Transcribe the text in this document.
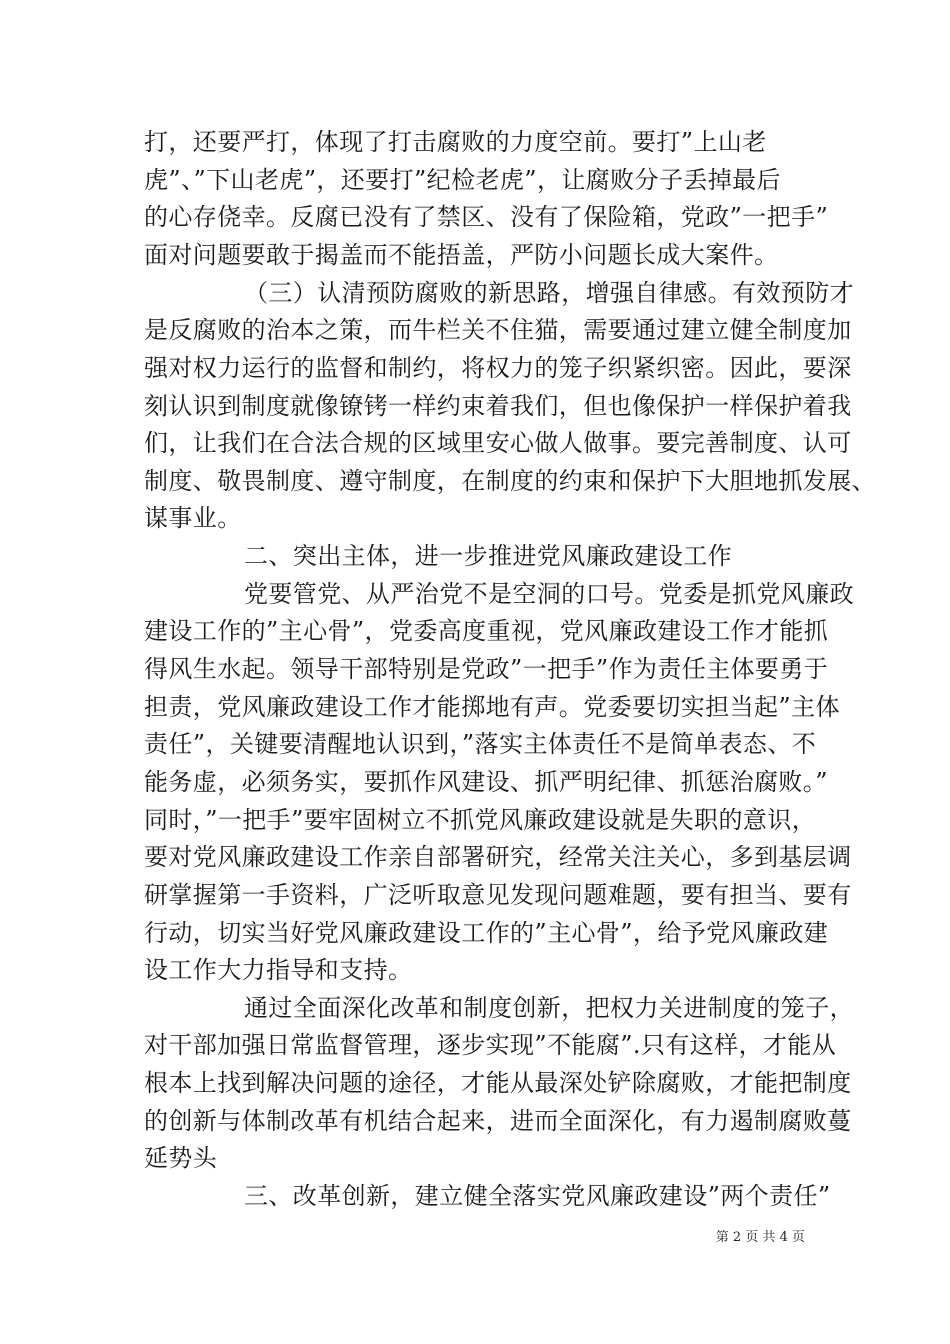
打，还要严打，体现了打击腐败的力度空前。要打”上山老
虎”、”下山老虎”，还要打”纪检老虎”，让腐败分子丢掉最后
的心存侥幸。反腐已没有了禁区、没有了保险箱，党政”一把手”
面对问题要敢于揭盖而不能捂盖，严防小问题长成大案件。
（三）认清预防腐败的新思路，增强自律感。有效预防才
是反腐败的治本之策，而牛栏关不住猫，需要通过建立健全制度加
强对权力运行的监督和制约，将权力的笼子织紧织密。因此，要深
刻认识到制度就像镣铐一样约束着我们，但也像保护一样保护着我
们，让我们在合法合规的区域里安心做人做事。要完善制度、认可
制度、敬畏制度、遵守制度，在制度的约束和保护下大胆地抓发展、
谋事业。
二、突出主体，进一步推进党风廉政建设工作
党要管党、从严治党不是空洞的口号。党委是抓党风廉政
建设工作的”主心骨”，党委高度重视，党风廉政建设工作才能抓
得风生水起。领导干部特别是党政”一把手”作为责任主体要勇于
担责，党风廉政建设工作才能掷地有声。党委要切实担当起”主体
责任”，关键要清醒地认识到，”落实主体责任不是简单表态、不
能务虚，必须务实，要抓作风建设、抓严明纪律、抓惩治腐败。”
同时，”一把手”要牢固树立不抓党风廉政建设就是失职的意识，
要对党风廉政建设工作亲自部署研究，经常关注关心，多到基层调
研掌握第一手资料，广泛听取意见发现问题难题，要有担当、要有
行动，切实当好党风廉政建设工作的”主心骨”，给予党风廉政建
设工作大力指导和支持。
通过全面深化改革和制度创新，把权力关进制度的笼子，
对干部加强日常监督管理，逐步实现”不能腐”.只有这样，才能从
根本上找到解决问题的途径，才能从最深处铲除腐败，才能把制度
的创新与体制改革有机结合起来，进而全面深化，有力遏制腐败蔓
延势头
三、改革创新，建立健全落实党风廉政建设”两个责任”
第 2 页 共 4 页
